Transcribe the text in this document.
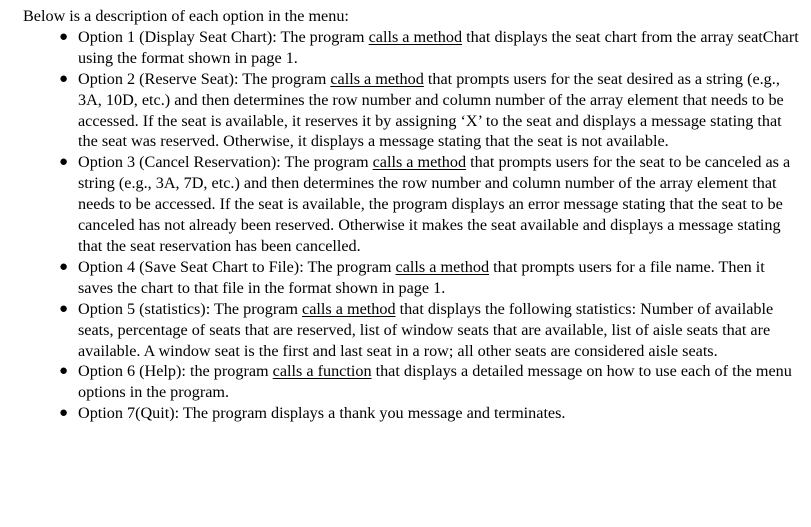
Below is a description of each option in the menu:

● Option 1 (Display Seat Chart): The program calls a method that displays the seat chart from the array seatChart using the format shown in page 1.
● Option 2 (Reserve Seat): The program calls a method that prompts users for the seat desired as a string (e.g., 3A, 10D, etc.) and then determines the row number and column number of the array element that needs to be accessed. If the seat is available, it reserves it by assigning ‘X’ to the seat and displays a message stating that the seat was reserved. Otherwise, it displays a message stating that the seat is not available.
● Option 3 (Cancel Reservation): The program calls a method that prompts users for the seat to be canceled as a string (e.g., 3A, 7D, etc.) and then determines the row number and column number of the array element that needs to be accessed. If the seat is available, the program displays an error message stating that the seat to be canceled has not already been reserved. Otherwise it makes the seat available and displays a message stating that the seat reservation has been cancelled.
● Option 4 (Save Seat Chart to File): The program calls a method that prompts users for a file name. Then it saves the chart to that file in the format shown in page 1.
● Option 5 (statistics): The program calls a method that displays the following statistics: Number of available seats, percentage of seats that are reserved, list of window seats that are available, list of aisle seats that are available. A window seat is the first and last seat in a row; all other seats are considered aisle seats.
● Option 6 (Help): the program calls a function that displays a detailed message on how to use each of the menu options in the program.
● Option 7(Quit): The program displays a thank you message and terminates.
